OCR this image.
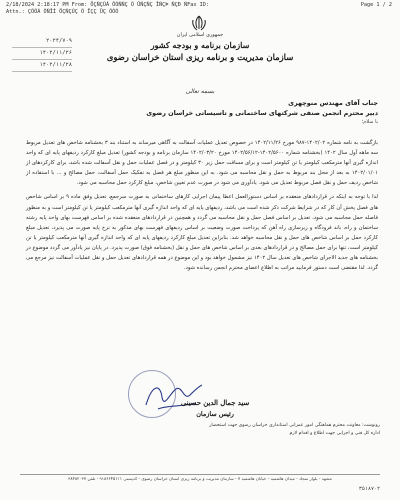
2/18/2024 2:18:17 PM From: ÖÇÑÇÚÁ ÔÓÑÑÇ Õ ÛÑÇÑÇ ÎÑÇÞ ÑÇÐ ÑFax ID:
Attn.: ÇÕÕÁ ÕÑÎÍ ÖÇÑÇÚÇ Õ ÏÇÇ ÜÇ ÕÓÓ
Page 1 / 2
جمهوری اسلامی ایران
سازمان برنامه و بودجه کشور
سازمان مدیریت و برنامه ریزی استان خراسان رضوی
۲۰۲۴/۷۰۹
۱۴۰۲/۱۱/۲۶
۱۴۰۲/۱۱/۲۸
بسمه تعالی
جناب آقای مهندس منوچهری
دبیر محترم انجمن صنفی شرکتهای ساختمانی و تاسیساتی خراسان رضوی
با سلام؛

بازگشت به نامه شماره ۱۴۰۲/۰۲-۹۸۷ مورخ ۱۴۰۲/۱۱/۲۶ در خصوص تعدیل عملیات آسفالت به آگاهی میرساند به استناد بند ۳ بخشنامه شاخص های تعدیل مربوط سه ماهه آول سال ۱۴۰۲ (بخشنامه شماره ۱۴۰۲/۵۶۰۰-۱۴۰۲/۵۶/۱۲ مورخ ۱۴۰۲/۰۳/۲۰ سازمان برنامه و بودجه کشور) تعدیل مبلغ کارکرد ردیفهای پایه ای که واحد اندازه گیری آنها مترمکعب کیلومتر یا تن کیلومتر است و برای مسافت حمل زیر ۳۰ کیلومتر و در فصل عملیات حمل و نقل آسفالت شده باشد، برای کارکردهای از ۱۴۰۲/۰۱/۰۱ به بعد از محل بند مربوط به حمل و نقل محاسبه می شود. به این منظور مبلغ هر فصل به تفکیک حمل آسفالت، حمل مصالح و ... با استفاده از شاخص ردیف حمل و نقل فصل مربوط تعدیل می شود. یادآوری می شود در صورت عدم تعیین شاخص، مبلغ کارکرد حمل محاسبه می شود.

لذا با توجه به اینکه در قراردادهای منعقده بر اساس دستورالعمل اعطا پیمان اجرایی کارهای ساختمانی به صورت سرجمع، تعدیل وفق ماده ۹ بر اساس شاخص های فصل پخش آن کار که در شرایط شرکت ذکر شده است می باشد، ردیفهای پایه ای که واحد اندازه گیری آنها مترمکعب کیلومتر یا تن کیلومتر است و به منظور فاصله حمل محاسبه می شود، تعدیل بر اساس فصل حمل و نقل محاسبه می گردد و همچنین در قراردادهای منعقده شده بر اساس فهرست بهای واحد پایه رشته ساختمان و راه، باند فرودگاه و زیرسازی راه آهن که پرداخت صورت وضعیت بر اساس ردیفهای فهرست بهای مذکور به نرخ پایه صورت می پذیرد، تعدیل مبلغ کارکرد حمل بر اساس شاخص های حمل و نقل محاسبه خواهد شد. بنابراین تعدیل مبلغ کارکرد ردیفهای پایه ای که واحد اندازه گیری آنها مترمکعب کیلومتر یا تن کیلومتر است، تنها برای حمل مصالح و در قراردادهای بعدی بر اساس شاخص های حمل و نقل (بخشنامه فوق) صورت پذیرد. در پایان نیز یادآور می گردد موضوع در بخشنامه های جدید الاجرای شاخص های تعدیل سال ۱۴۰۲ نیز مشمول خواهد بود و این موضوع در همه قراردادهای تعدیل حمل و نقل عملیات آسفالت نیز مرجع می گردد. لذا مقتضی است دستور فرمایید مراتب به اطلاع اعضای محترم انجمن رسانده شود.

سید جمال الدین حسینی
رئیس سازمان
رونوشت: معاونت محترم هماهنگی امور عمرانی استانداری خراسان رضوی جهت استحضار
اداره کل فنی و اجرایی جهت اطلاع و اقدام لازم
مشهد - بلوار سجاد - میدان هاشمیه - خیابان هاشمیه ۷ - سازمان مدیریت و برنامه ریزی استان خراسان رضوی - کدپستی ۹۱۸۶۶۴۵۱۱۱ - تلفن ۳۸۴۸۲۰۳۷
۳۵۱۸۷۰۲
